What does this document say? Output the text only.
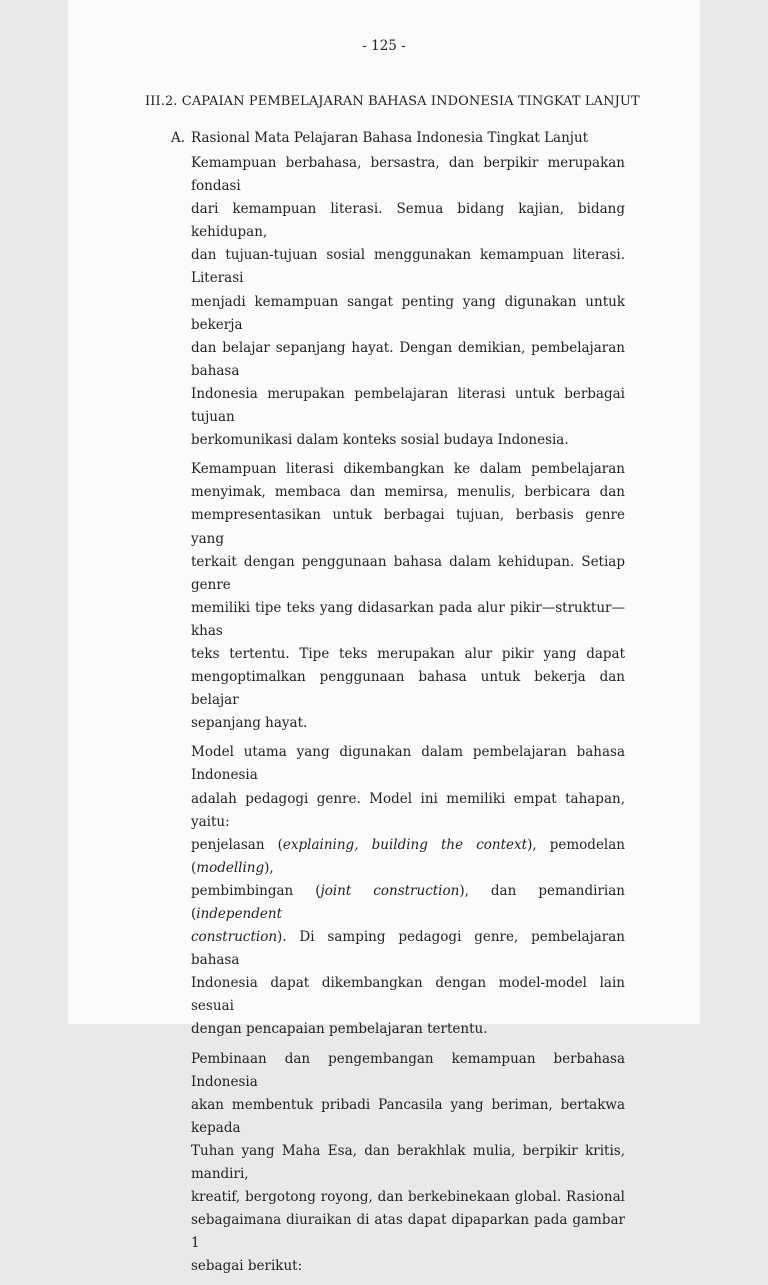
- 125 -
III.2. CAPAIAN PEMBELAJARAN BAHASA INDONESIA TINGKAT LANJUT
A. Rasional Mata Pelajaran Bahasa Indonesia Tingkat Lanjut
Kemampuan berbahasa, bersastra, dan berpikir merupakan fondasi
dari kemampuan literasi. Semua bidang kajian, bidang kehidupan,
dan tujuan-tujuan sosial menggunakan kemampuan literasi. Literasi
menjadi kemampuan sangat penting yang digunakan untuk bekerja
dan belajar sepanjang hayat. Dengan demikian, pembelajaran bahasa
Indonesia merupakan pembelajaran literasi untuk berbagai tujuan
berkomunikasi dalam konteks sosial budaya Indonesia.
Kemampuan literasi dikembangkan ke dalam pembelajaran
menyimak, membaca dan memirsa, menulis, berbicara dan
mempresentasikan untuk berbagai tujuan, berbasis genre yang
terkait dengan penggunaan bahasa dalam kehidupan. Setiap genre
memiliki tipe teks yang didasarkan pada alur pikir—struktur—khas
teks tertentu. Tipe teks merupakan alur pikir yang dapat
mengoptimalkan penggunaan bahasa untuk bekerja dan belajar
sepanjang hayat.
Model utama yang digunakan dalam pembelajaran bahasa Indonesia
adalah pedagogi genre. Model ini memiliki empat tahapan, yaitu:
penjelasan (explaining, building the context), pemodelan (modelling),
pembimbingan (joint construction), dan pemandirian (independent
construction). Di samping pedagogi genre, pembelajaran bahasa
Indonesia dapat dikembangkan dengan model-model lain sesuai
dengan pencapaian pembelajaran tertentu.
Pembinaan dan pengembangan kemampuan berbahasa Indonesia
akan membentuk pribadi Pancasila yang beriman, bertakwa kepada
Tuhan yang Maha Esa, dan berakhlak mulia, berpikir kritis, mandiri,
kreatif, bergotong royong, dan berkebinekaan global. Rasional
sebagaimana diuraikan di atas dapat dipaparkan pada gambar 1
sebagai berikut:
